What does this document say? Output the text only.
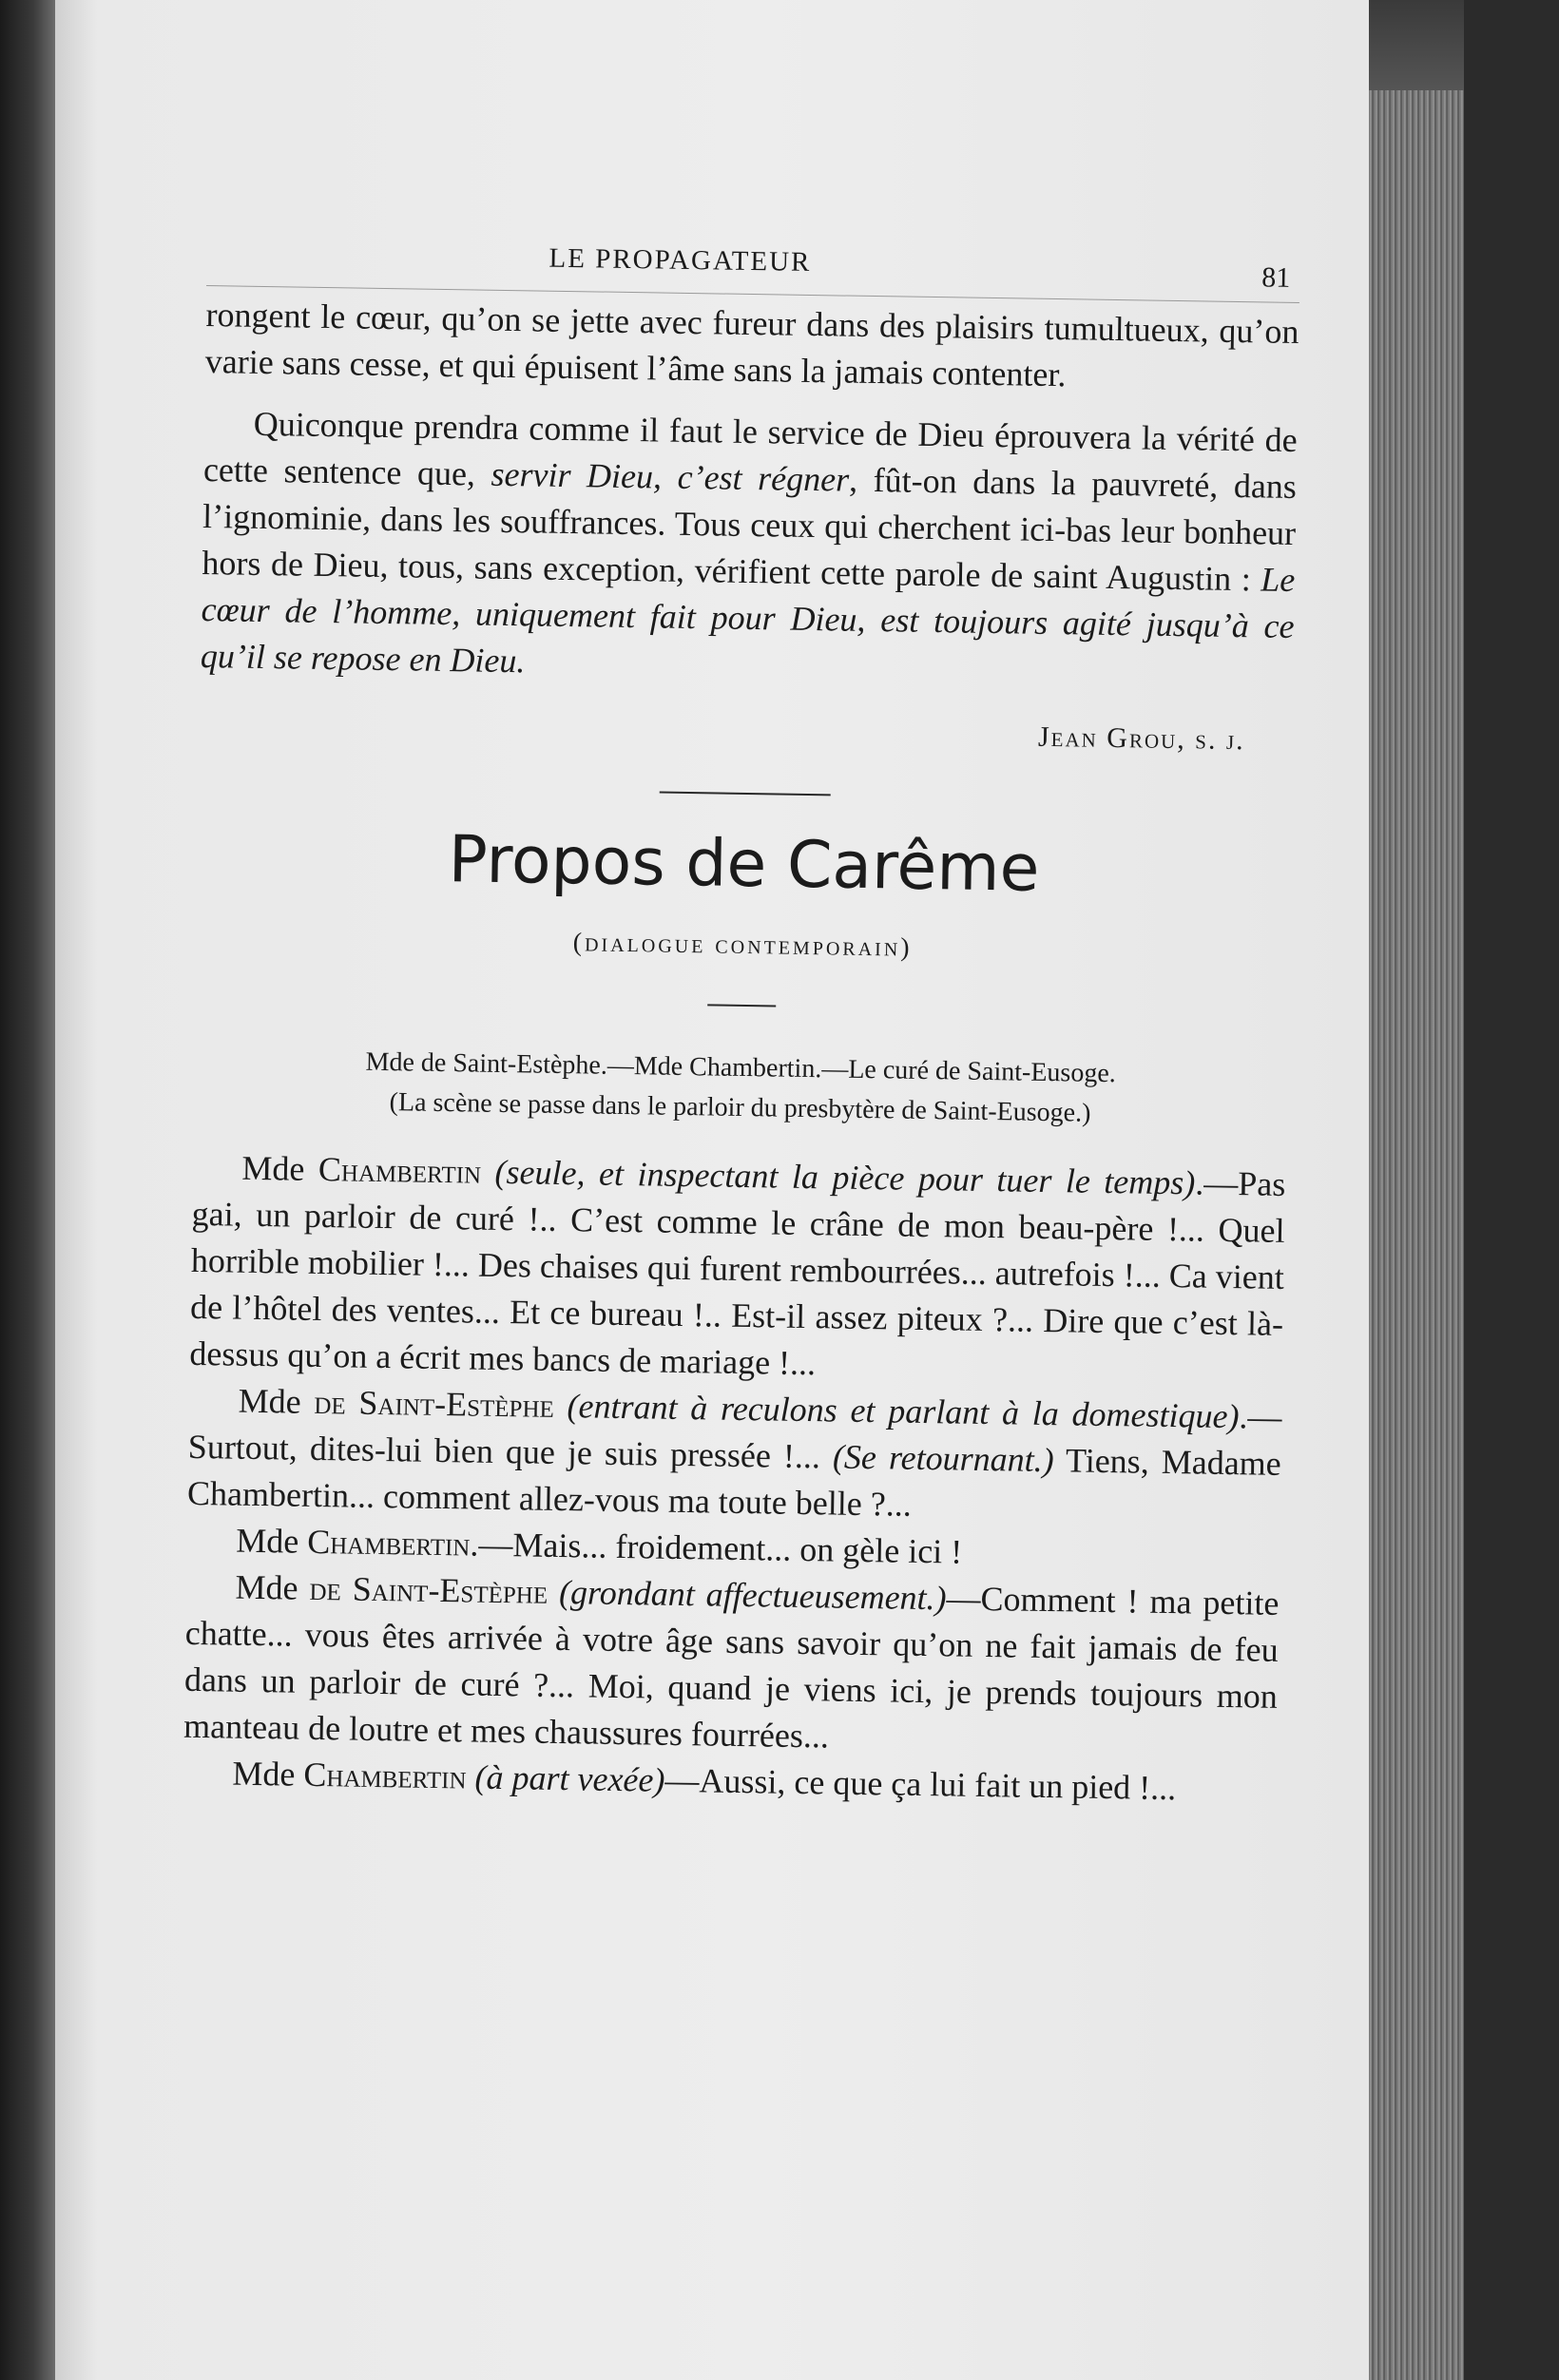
LE PROPAGATEUR
81

rongent le cœur, qu’on se jette avec fureur dans des plaisirs tumultueux, qu’on varie sans cesse, et qui épuisent l’âme sans la jamais contenter.

Quiconque prendra comme il faut le service de Dieu éprouvera la vérité de cette sentence que, servir Dieu, c’est régner, fût-on dans la pauvreté, dans l’ignominie, dans les souffrances. Tous ceux qui cherchent ici-bas leur bonheur hors de Dieu, tous, sans exception, vérifient cette parole de saint Augustin : Le cœur de l’homme, uniquement fait pour Dieu, est toujours agité jusqu’à ce qu’il se repose en Dieu.

Jean Grou, s. j.
Propos de Carême
(dialogue contemporain)
Mde de Saint-Estèphe.—Mde Chambertin.—Le curé de Saint-Eusoge.
(La scène se passe dans le parloir du presbytère de Saint-Eusoge.)

Mde Chambertin (seule, et inspectant la pièce pour tuer le temps).—Pas gai, un parloir de curé !.. C’est comme le crâne de mon beau-père !... Quel horrible mobilier !... Des chaises qui furent rembourrées... autrefois !... Ca vient de l’hôtel des ventes... Et ce bureau !.. Est-il assez piteux ?... Dire que c’est là-dessus qu’on a écrit mes bancs de mariage !...

Mde de Saint-Estèphe (entrant à reculons et parlant à la domestique).—Surtout, dites-lui bien que je suis pressée !... (Se retournant.) Tiens, Madame Chambertin... comment allez-vous ma toute belle ?...

Mde Chambertin.—Mais... froidement... on gèle ici !

Mde de Saint-Estèphe (grondant affectueusement.)—Comment ! ma petite chatte... vous êtes arrivée à votre âge sans savoir qu’on ne fait jamais de feu dans un parloir de curé ?... Moi, quand je viens ici, je prends toujours mon manteau de loutre et mes chaussures fourrées...

Mde Chambertin (à part vexée)—Aussi, ce que ça lui fait un pied !...
